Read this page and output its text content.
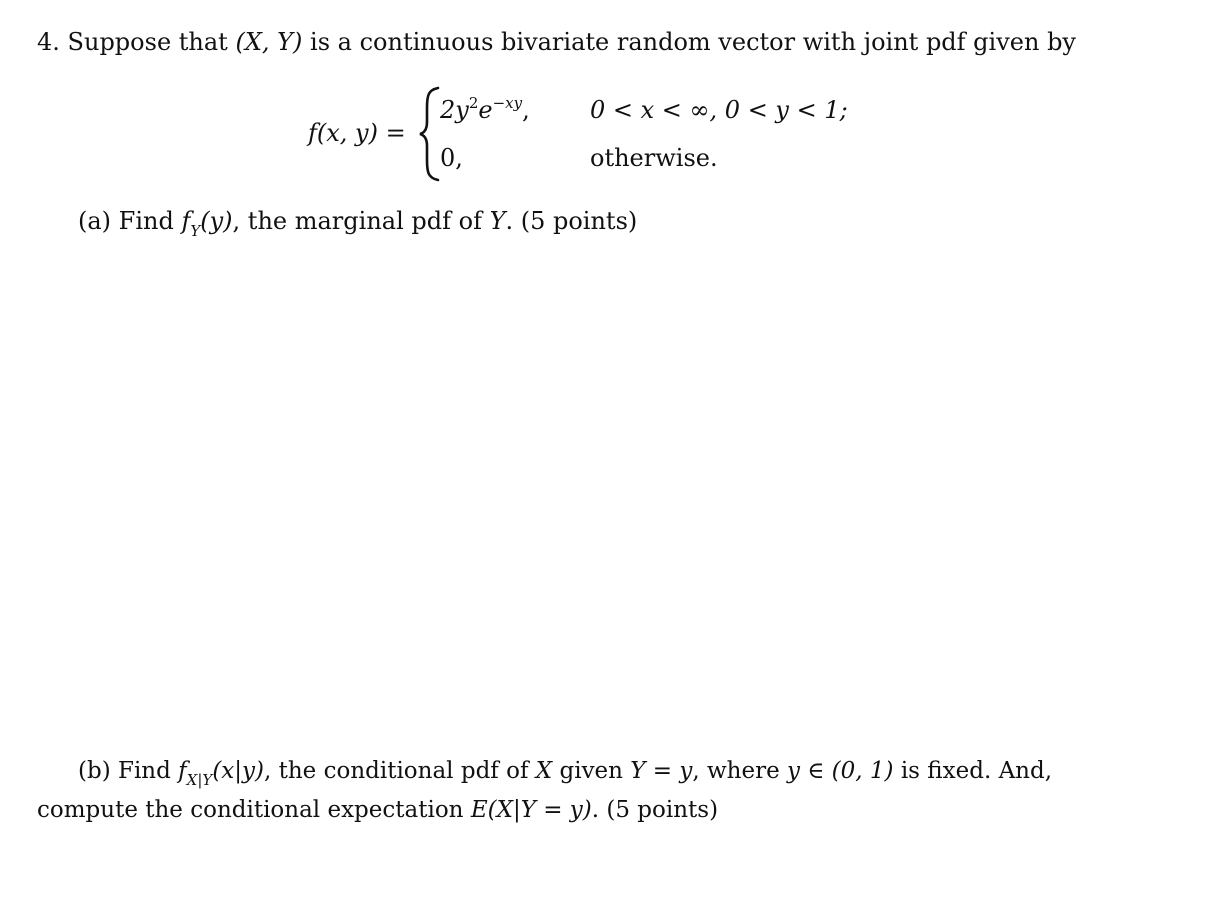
4. Suppose that (X, Y) is a continuous bivariate random vector with joint pdf given by
f(x, y) =
$2y^2e^{-xy}$,	0 < x < ∞, 0 < y < 1;
0,	otherwise.
(a) Find $f_Y(y)$, the marginal pdf of Y. (5 points)
(b) Find $f_{X|Y}(x|y)$, the conditional pdf of X given Y = y, where y ∈ (0, 1) is fixed. And,
compute the conditional expectation E(X|Y = y). (5 points)
